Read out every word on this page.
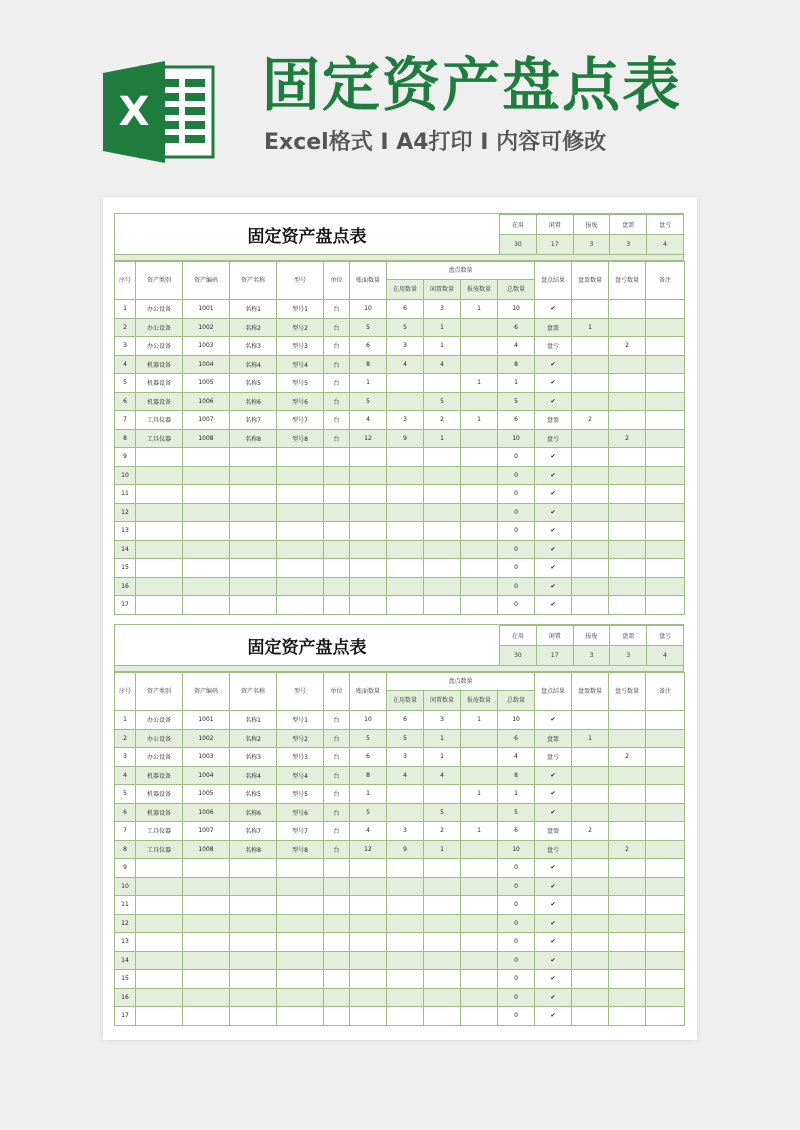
X 固定资产盘点表
Excel格式 I A4打印 I 内容可修改
固定资产盘点表
在用	闲置	报废	盘盈	盘亏
30	17	3	3	4
序号	资产类别	资产编码	资产名称	型号	单位	账面数量	盘点数量				盘点结果	盘盈数量	盘亏数量	备注
							在用数量	闲置数量	报废数量	总数量				
1	办公设备	1001	名称1	型号1	台	10	6	3	1	10	✔			
2	办公设备	1002	名称2	型号2	台	5	5	1		6	盘盈	1		
3	办公设备	1003	名称3	型号3	台	6	3	1		4	盘亏		2	
4	机器设备	1004	名称4	型号4	台	8	4	4		8	✔			
5	机器设备	1005	名称5	型号5	台	1			1	1	✔			
6	机器设备	1006	名称6	型号6	台	5		5		5	✔			
7	工具仪器	1007	名称7	型号7	台	4	3	2	1	6	盘盈	2		
8	工具仪器	1008	名称8	型号8	台	12	9	1		10	盘亏		2	
9										0	✔			
10										0	✔			
11										0	✔			
12										0	✔			
13										0	✔			
14										0	✔			
15										0	✔			
16										0	✔			
17										0	✔			
固定资产盘点表
在用	闲置	报废	盘盈	盘亏
30	17	3	3	4
序号	资产类别	资产编码	资产名称	型号	单位	账面数量	盘点数量				盘点结果	盘盈数量	盘亏数量	备注
							在用数量	闲置数量	报废数量	总数量				
1	办公设备	1001	名称1	型号1	台	10	6	3	1	10	✔			
2	办公设备	1002	名称2	型号2	台	5	5	1		6	盘盈	1		
3	办公设备	1003	名称3	型号3	台	6	3	1		4	盘亏		2	
4	机器设备	1004	名称4	型号4	台	8	4	4		8	✔			
5	机器设备	1005	名称5	型号5	台	1			1	1	✔			
6	机器设备	1006	名称6	型号6	台	5		5		5	✔			
7	工具仪器	1007	名称7	型号7	台	4	3	2	1	6	盘盈	2		
8	工具仪器	1008	名称8	型号8	台	12	9	1		10	盘亏		2	
9										0	✔			
10										0	✔			
11										0	✔			
12										0	✔			
13										0	✔			
14										0	✔			
15										0	✔			
16										0	✔			
17										0	✔			
